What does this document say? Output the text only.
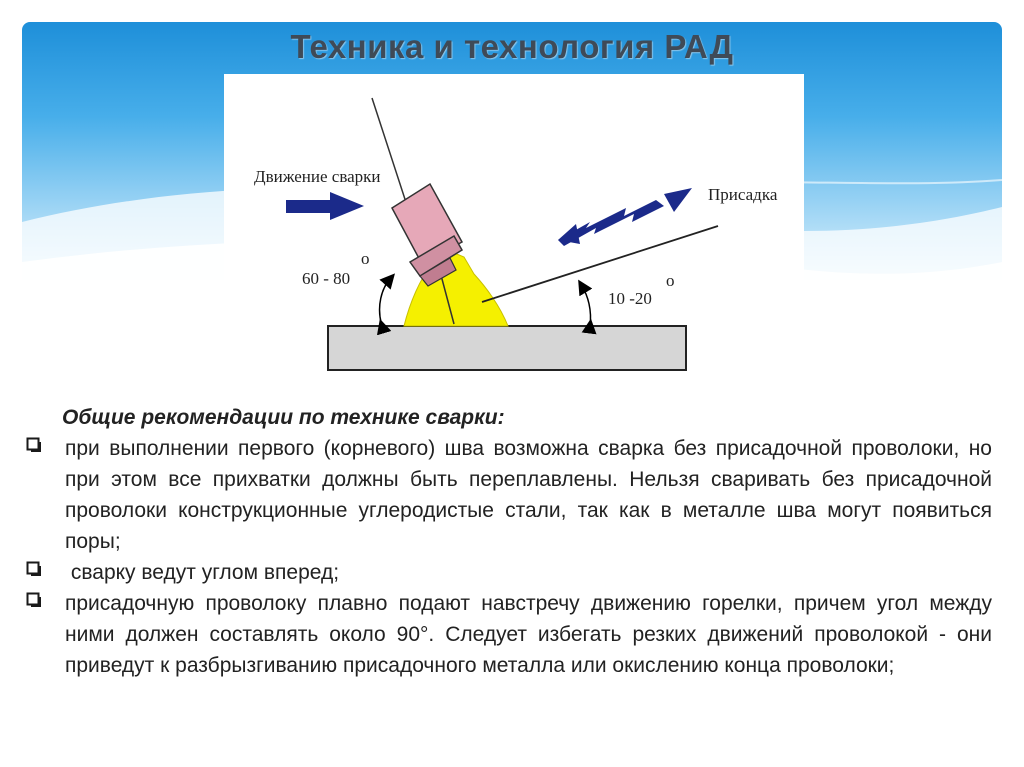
Техника и технология РАД
Движение сварки
Присадка
60 - 80
о
10 -20
о
Общие рекомендации по технике сварки:
при выполнении первого (корневого) шва возможна сварка без присадочной проволоки, но при этом все прихватки должны быть переплавлены. Нельзя сваривать без присадочной проволоки конструкционные углеродистые стали, так как в металле шва могут появиться поры;
сварку ведут углом вперед;
присадочную проволоку плавно подают навстречу движению горелки, причем угол между ними должен составлять около 90°. Следует избегать резких движений проволокой - они приведут к разбрызгиванию присадочного металла или окислению конца проволоки;
